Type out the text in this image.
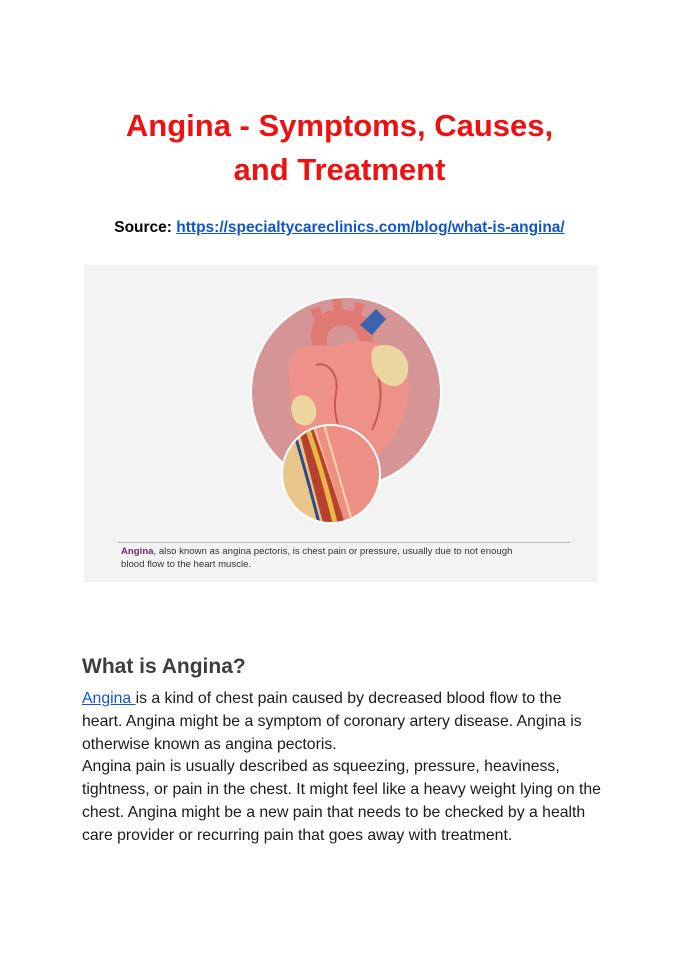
Angina - Symptoms, Causes,
and Treatment
Source: https://specialtycareclinics.com/blog/what-is-angina/
Angina, also known as angina pectoris, is chest pain or pressure, usually due to not enough
blood flow to the heart muscle.
What is Angina?

Angina is a kind of chest pain caused by decreased blood flow to the heart. Angina might be a symptom of coronary artery disease. Angina is otherwise known as angina pectoris.

Angina pain is usually described as squeezing, pressure, heaviness, tightness, or pain in the chest. It might feel like a heavy weight lying on the chest. Angina might be a new pain that needs to be checked by a health care provider or recurring pain that goes away with treatment.
